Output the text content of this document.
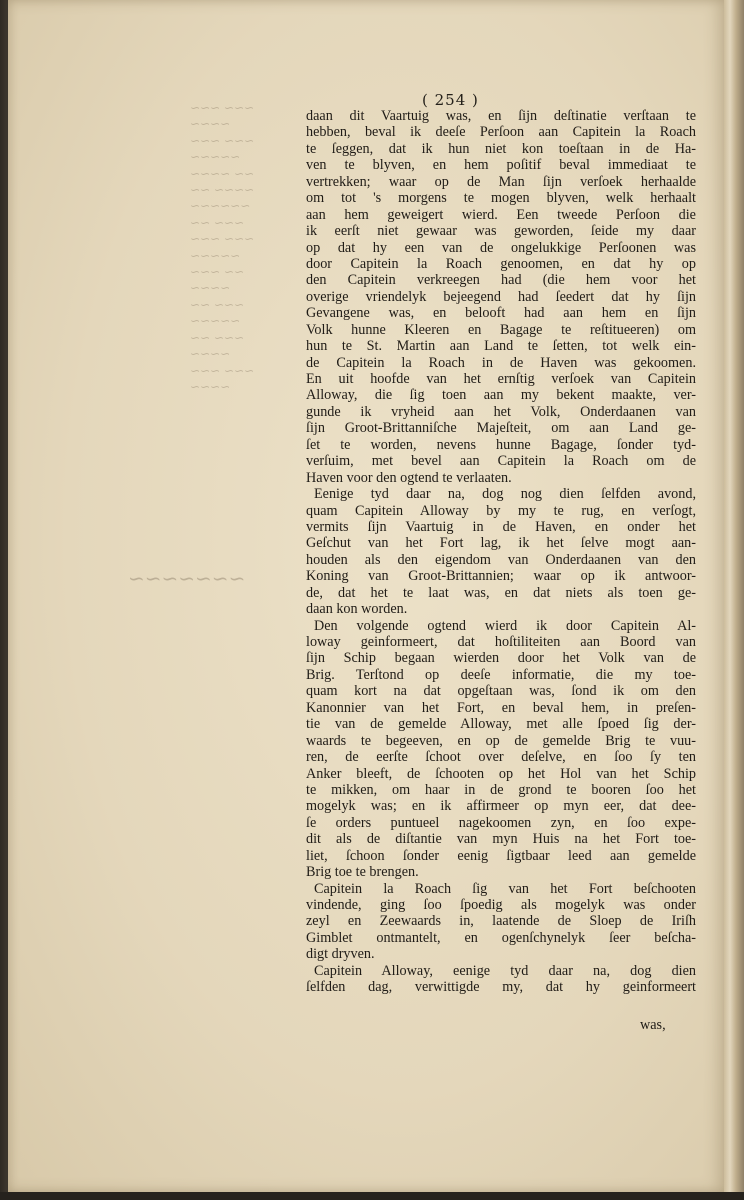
~~~ ~~~
~~~~
~~~ ~~~
~~~~~
~~ ~~~~
~~~~ ~~
~~~~~~
~~~ ~~
~~~ ~~~
~~~~~
~~ ~~~
~~~~
~~~ ~~
~~~~~
~~~ ~~
~~~~
~~~ ~~~
~~~~
~~~~~~~
( 254 )
daan dit Vaartuig was, en ſijn deſtinatie verſtaan te
hebben, beval ik deeſe Perſoon aan Capitein la Roach
te ſeggen, dat ik hun niet kon toeſtaan in de Ha-
ven te blyven, en hem poſitif beval immediaat te
vertrekken; waar op de Man ſijn verſoek herhaalde
om tot 's morgens te mogen blyven, welk herhaalt
aan hem geweigert wierd. Een tweede Perſoon die
ik eerſt niet gewaar was geworden, ſeide my daar
op dat hy een van de ongelukkige Perſoonen was
door Capitein la Roach genoomen, en dat hy op
den Capitein verkreegen had (die hem voor het
overige vriendelyk bejeegend had ſeedert dat hy ſijn
Gevangene was, en belooft had aan hem en ſijn
Volk hunne Kleeren en Bagage te reſtitueeren) om
hun te St. Martin aan Land te ſetten, tot welk ein-
de Capitein la Roach in de Haven was gekoomen.
En uit hoofde van het ernſtig verſoek van Capitein
Alloway, die ſig toen aan my bekent maakte, ver-
gunde ik vryheid aan het Volk, Onderdaanen van
ſijn Groot-Brittanniſche Majeſteit, om aan Land ge-
ſet te worden, nevens hunne Bagage, ſonder tyd-
verſuim, met bevel aan Capitein la Roach om de
Haven voor den ogtend te verlaaten.
Eenige tyd daar na, dog nog dien ſelfden avond,
quam Capitein Alloway by my te rug, en verſogt,
vermits ſijn Vaartuig in de Haven, en onder het
Geſchut van het Fort lag, ik het ſelve mogt aan-
houden als den eigendom van Onderdaanen van den
Koning van Groot-Brittannien; waar op ik antwoor-
de, dat het te laat was, en dat niets als toen ge-
daan kon worden.
Den volgende ogtend wierd ik door Capitein Al-
loway geinformeert, dat hoſtiliteiten aan Boord van
ſijn Schip begaan wierden door het Volk van de
Brig. Terſtond op deeſe informatie, die my toe-
quam kort na dat opgeſtaan was, ſond ik om den
Kanonnier van het Fort, en beval hem, in preſen-
tie van de gemelde Alloway, met alle ſpoed ſig der-
waards te begeeven, en op de gemelde Brig te vuu-
ren, de eerſte ſchoot over deſelve, en ſoo ſy ten
Anker bleeft, de ſchooten op het Hol van het Schip
te mikken, om haar in de grond te booren ſoo het
mogelyk was; en ik affirmeer op myn eer, dat dee-
ſe orders puntueel nagekoomen zyn, en ſoo expe-
dit als de diſtantie van myn Huis na het Fort toe-
liet, ſchoon ſonder eenig ſigtbaar leed aan gemelde
Brig toe te brengen.
Capitein la Roach ſig van het Fort beſchooten
vindende, ging ſoo ſpoedig als mogelyk was onder
zeyl en Zeewaards in, laatende de Sloep de Iriſh
Gimblet ontmantelt, en ogenſchynelyk ſeer beſcha-
digt dryven.
Capitein Alloway, eenige tyd daar na, dog dien
ſelfden dag, verwittigde my, dat hy geinformeert
was,
